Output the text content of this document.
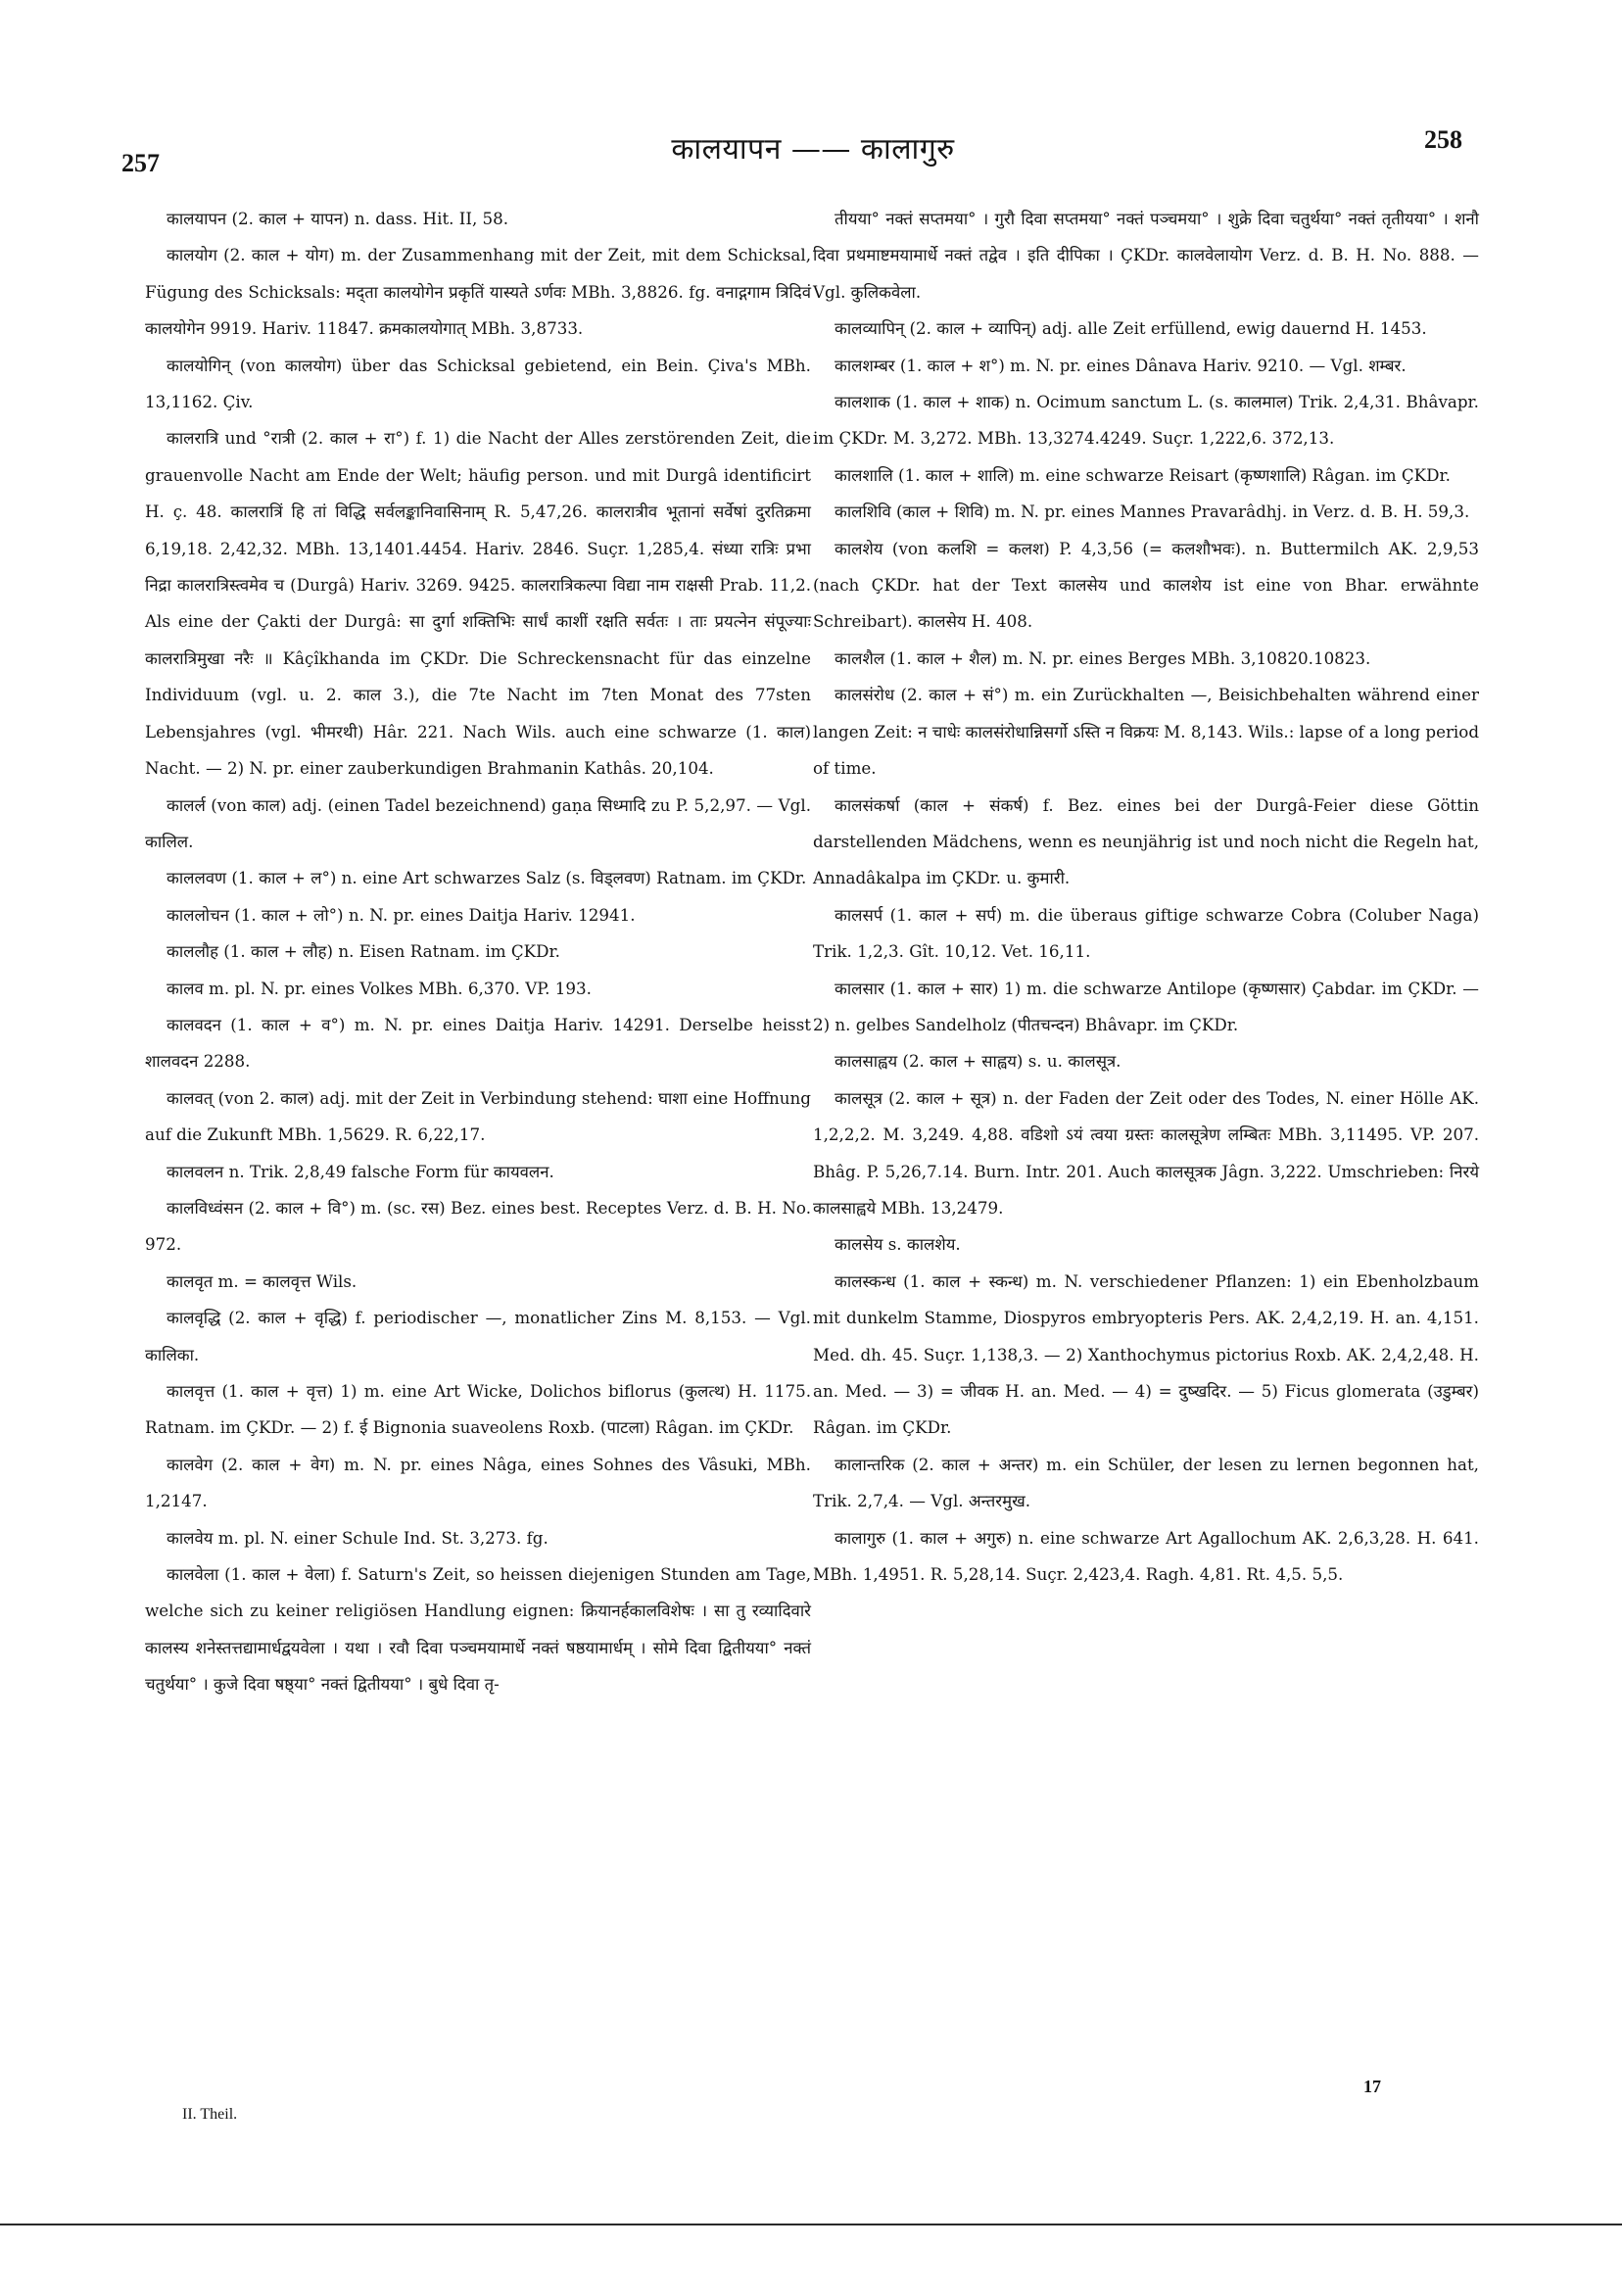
257	कालयापन —— कालागुरु	258

कालयापन (2. काल + यापन) n. dass. Hit. II, 58.

कालयोग (2. काल + योग) m. der Zusammenhang mit der Zeit, mit dem Schicksal, Fügung des Schicksals: मद्ता कालयोगेन प्रकृतिं यास्यते ऽर्णवः MBh. 3,8826. fg. वनाद्गगाम त्रिदिवं कालयोगेन 9919. Hariv. 11847. क्रमकालयोगात् MBh. 3,8733.

कालयोगिन् (von कालयोग) über das Schicksal gebietend, ein Bein. Çiva's MBh. 13,1162. Çiv.

कालरात्रि und °रात्री (2. काल + रा°) f. 1) die Nacht der Alles zerstörenden Zeit, die grauenvolle Nacht am Ende der Welt; häufig person. und mit Durgâ identificirt H. ç. 48. कालरात्रिं हि तां विद्धि सर्वलङ्कानिवासिनाम् R. 5,47,26. कालरात्रीव भूतानां सर्वेषां दुरतिक्रमा 6,19,18. 2,42,32. MBh. 13,1401.4454. Hariv. 2846. Suçr. 1,285,4. संध्या रात्रिः प्रभा निद्रा कालरात्रिस्त्वमेव च (Durgâ) Hariv. 3269. 9425. कालरात्रिकल्पा विद्या नाम राक्षसी Prab. 11,2. Als eine der Çakti der Durgâ: सा दुर्गा शक्तिभिः सार्धं काशीं रक्षति सर्वतः । ताः प्रयत्नेन संपूज्याः कालरात्रिमुखा नरैः ॥ Kâçîkhanda im ÇKDr. Die Schreckensnacht für das einzelne Individuum (vgl. u. 2. काल 3.), die 7te Nacht im 7ten Monat des 77sten Lebensjahres (vgl. भीमरथी) Hâr. 221. Nach Wils. auch eine schwarze (1. काल) Nacht. — 2) N. pr. einer zauberkundigen Brahmanin Kathâs. 20,104.

कालर्ल (von काल) adj. (einen Tadel bezeichnend) gaṇa सिध्मादि zu P. 5,2,97. — Vgl. कालिल.

काललवण (1. काल + ल°) n. eine Art schwarzes Salz (s. विड्लवण) Ratnam. im ÇKDr.

काललोचन (1. काल + लो°) n. N. pr. eines Daitja Hariv. 12941.

काललौह (1. काल + लौह) n. Eisen Ratnam. im ÇKDr.

कालव m. pl. N. pr. eines Volkes MBh. 6,370. VP. 193.

कालवदन (1. काल + व°) m. N. pr. eines Daitja Hariv. 14291. Derselbe heisst शालवदन 2288.

कालवत् (von 2. काल) adj. mit der Zeit in Verbindung stehend: घाशा eine Hoffnung auf die Zukunft MBh. 1,5629. R. 6,22,17.

कालवलन n. Trik. 2,8,49 falsche Form für कायवलन.

कालविध्वंसन (2. काल + वि°) m. (sc. रस) Bez. eines best. Receptes Verz. d. B. H. No. 972.

कालवृत m. = कालवृत्त Wils.

कालवृद्धि (2. काल + वृद्धि) f. periodischer —, monatlicher Zins M. 8,153. — Vgl. कालिका.

कालवृत्त (1. काल + वृत्त) 1) m. eine Art Wicke, Dolichos biflorus (कुलत्थ) H. 1175. Ratnam. im ÇKDr. — 2) f. ई Bignonia suaveolens Roxb. (पाटला) Râgan. im ÇKDr.

कालवेग (2. काल + वेग) m. N. pr. eines Nâga, eines Sohnes des Vâsuki, MBh. 1,2147.

कालवेय m. pl. N. einer Schule Ind. St. 3,273. fg.

कालवेला (1. काल + वेला) f. Saturn's Zeit, so heissen diejenigen Stunden am Tage, welche sich zu keiner religiösen Handlung eignen: क्रियानर्हकालविशेषः । सा तु रव्यादिवारे कालस्य शनेस्तत्तद्यामार्धद्वयवेला । यथा । रवौ दिवा पञ्चमयामार्धे नक्तं षष्ठयामार्धम् । सोमे दिवा द्वितीयया° नक्तं चतुर्थया° । कुजे दिवा षष्ठ्या° नक्तं द्वितीयया° । बुधे दिवा तृ-

तीयया° नक्तं सप्तमया° । गुरौ दिवा सप्तमया° नक्तं पञ्चमया° । शुक्रे दिवा चतुर्थया° नक्तं तृतीयया° । शनौ दिवा प्रथमाष्टमयामार्धे नक्तं तद्वेव । इति दीपिका । ÇKDr. कालवेलायोग Verz. d. B. H. No. 888. — Vgl. कुलिकवेला.

कालव्यापिन् (2. काल + व्यापिन्) adj. alle Zeit erfüllend, ewig dauernd H. 1453.

कालशम्बर (1. काल + श°) m. N. pr. eines Dânava Hariv. 9210. — Vgl. शम्बर.

कालशाक (1. काल + शाक) n. Ocimum sanctum L. (s. कालमाल) Trik. 2,4,31. Bhâvapr. im ÇKDr. M. 3,272. MBh. 13,3274.4249. Suçr. 1,222,6. 372,13.

कालशालि (1. काल + शालि) m. eine schwarze Reisart (कृष्णशालि) Râgan. im ÇKDr.

कालशिवि (काल + शिवि) m. N. pr. eines Mannes Pravarâdhj. in Verz. d. B. H. 59,3.

कालशेय (von कलशि = कलश) P. 4,3,56 (= कलशौभवः). n. Buttermilch AK. 2,9,53 (nach ÇKDr. hat der Text कालसेय und कालशेय ist eine von Bhar. erwähnte Schreibart). कालसेय H. 408.

कालशैल (1. काल + शैल) m. N. pr. eines Berges MBh. 3,10820.10823.

कालसंरोध (2. काल + सं°) m. ein Zurückhalten —, Beisichbehalten während einer langen Zeit: न चाधेः कालसंरोधान्निसर्गो ऽस्ति न विक्रयः M. 8,143. Wils.: lapse of a long period of time.

कालसंकर्षा (काल + संकर्ष) f. Bez. eines bei der Durgâ-Feier diese Göttin darstellenden Mädchens, wenn es neunjährig ist und noch nicht die Regeln hat, Annadâkalpa im ÇKDr. u. कुमारी.

कालसर्प (1. काल + सर्प) m. die überaus giftige schwarze Cobra (Coluber Naga) Trik. 1,2,3. Gît. 10,12. Vet. 16,11.

कालसार (1. काल + सार) 1) m. die schwarze Antilope (कृष्णसार) Çabdar. im ÇKDr. — 2) n. gelbes Sandelholz (पीतचन्दन) Bhâvapr. im ÇKDr.

कालसाह्वय (2. काल + साह्वय) s. u. कालसूत्र.

कालसूत्र (2. काल + सूत्र) n. der Faden der Zeit oder des Todes, N. einer Hölle AK. 1,2,2,2. M. 3,249. 4,88. वडिशो ऽयं त्वया ग्रस्तः कालसूत्रेण लम्बितः MBh. 3,11495. VP. 207. Bhâg. P. 5,26,7.14. Burn. Intr. 201. Auch कालसूत्रक Jâgn. 3,222. Umschrieben: निरये कालसाह्वये MBh. 13,2479.

कालसेय s. कालशेय.

कालस्कन्ध (1. काल + स्कन्ध) m. N. verschiedener Pflanzen: 1) ein Ebenholzbaum mit dunkelm Stamme, Diospyros embryopteris Pers. AK. 2,4,2,19. H. an. 4,151. Med. dh. 45. Suçr. 1,138,3. — 2) Xanthochymus pictorius Roxb. AK. 2,4,2,48. H. an. Med. — 3) = जीवक H. an. Med. — 4) = दुष्खदिर. — 5) Ficus glomerata (उडुम्बर) Râgan. im ÇKDr.

कालान्तरिक (2. काल + अन्तर) m. ein Schüler, der lesen zu lernen begonnen hat, Trik. 2,7,4. — Vgl. अन्तरमुख.

कालागुरु (1. काल + अगुरु) n. eine schwarze Art Agallochum AK. 2,6,3,28. H. 641. MBh. 1,4951. R. 5,28,14. Suçr. 2,423,4. Ragh. 4,81. Rt. 4,5. 5,5.

II. Theil.
17
